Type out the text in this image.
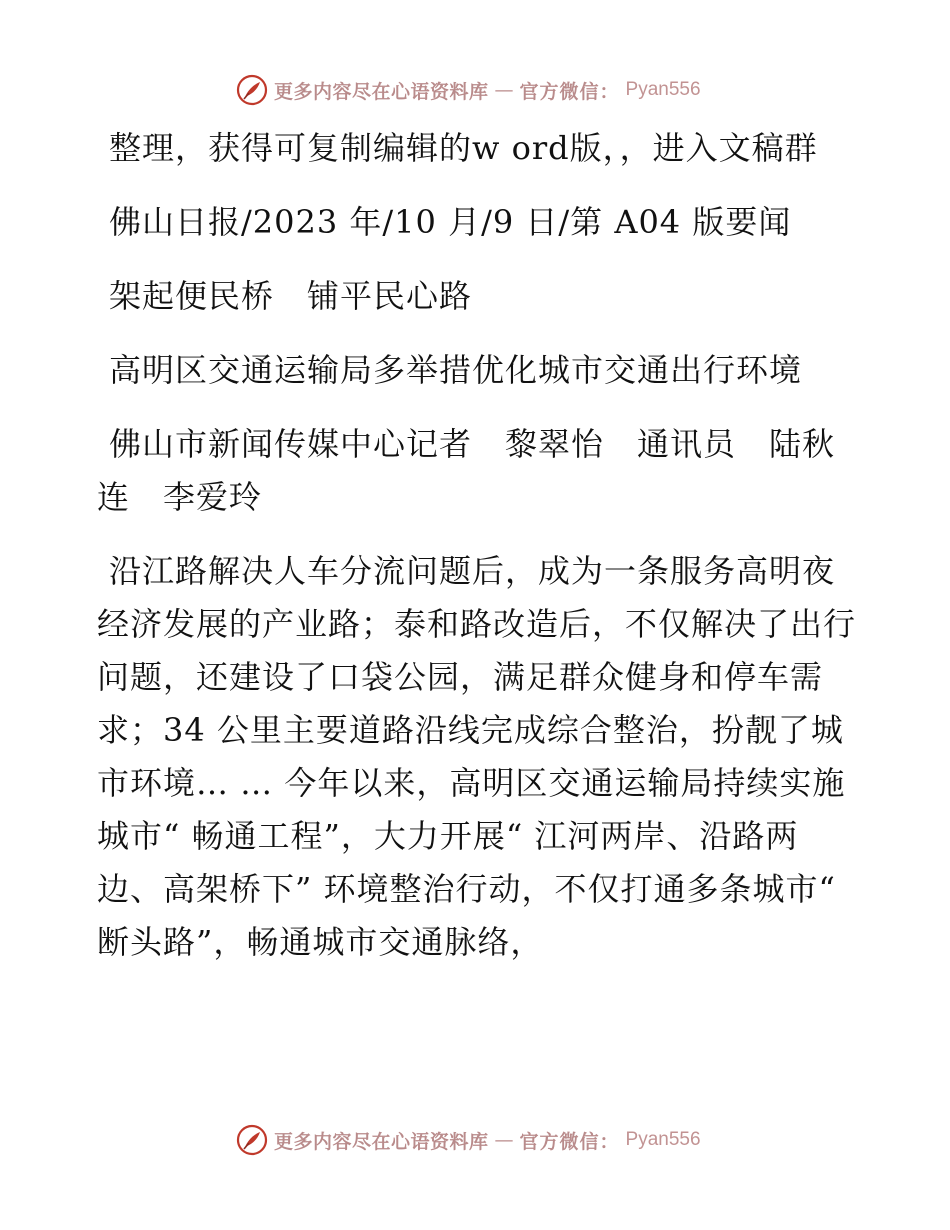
更多内容尽在心语资料库 — 官方微信： Pyan556

整理，获得可复制编辑的w ord版，，进入文稿群

佛山日报/2023 年/10 月/9 日/第 A04 版要闻

架起便民桥　铺平民心路

高明区交通运输局多举措优化城市交通出行环境

佛山市新闻传媒中心记者　黎翠怡　通讯员　陆秋连　李爱玲

沿江路解决人车分流问题后，成为一条服务高明夜经济发展的产业路；泰和路改造后，不仅解决了出行问题，还建设了口袋公园，满足群众健身和停车需求；34 公里主要道路沿线完成综合整治，扮靓了城市环境… … 今年以来，高明区交通运输局持续实施城市“ 畅通工程”，大力开展“ 江河两岸、沿路两边、高架桥下” 环境整治行动，不仅打通多条城市“ 断头路”，畅通城市交通脉络，

更多内容尽在心语资料库 — 官方微信： Pyan556
